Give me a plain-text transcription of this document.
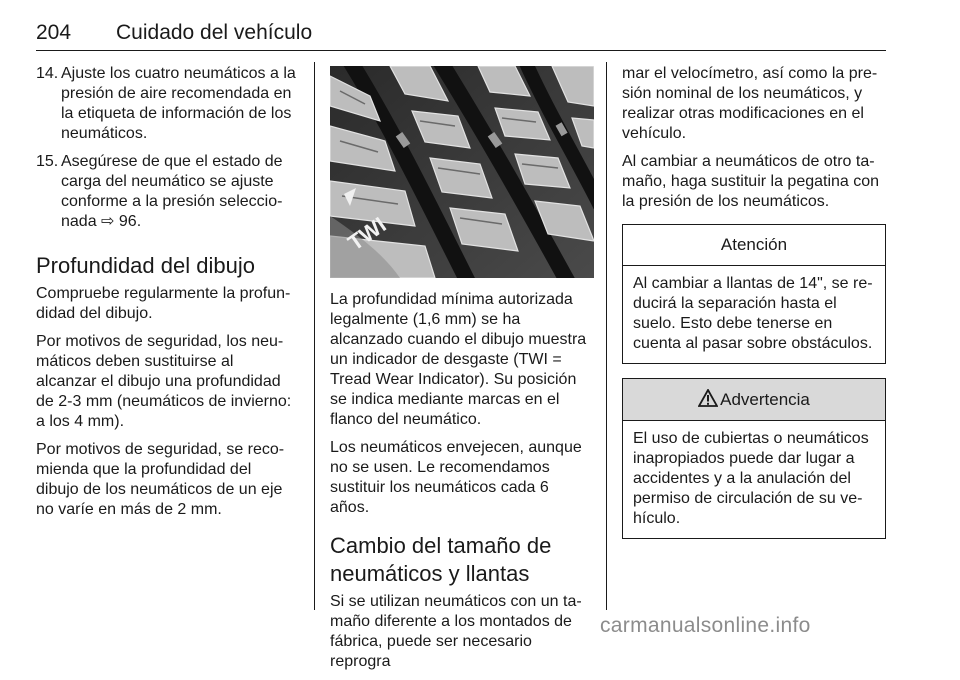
204 Cuidado del vehículo
14. Ajuste los cuatro neumáticos a la presión de aire recomendada en la etiqueta de información de los neumáticos.
15. Asegúrese de que el estado de carga del neumático se ajuste conforme a la presión seleccionada ⇨ 96.
Profundidad del dibujo

Compruebe regularmente la profundidad del dibujo.

Por motivos de seguridad, los neumáticos deben sustituirse al alcanzar el dibujo una profundidad de 2-3 mm (neumáticos de invierno: a los 4 mm).

Por motivos de seguridad, se recomienda que la profundidad del dibujo de los neumáticos de un eje no varíe en más de 2 mm.

TWI

La profundidad mínima autorizada legalmente (1,6 mm) se ha alcanzado cuando el dibujo muestra un indicador de desgaste (TWI = Tread Wear Indicator). Su posición se indica mediante marcas en el flanco del neumático.

Los neumáticos envejecen, aunque no se usen. Le recomendamos sustituir los neumáticos cada 6 años.

Cambio del tamaño de neumáticos y llantas

Si se utilizan neumáticos con un tamaño diferente a los montados de fábrica, puede ser necesario reprogra

mar el velocímetro, así como la presión nominal de los neumáticos, y realizar otras modificaciones en el vehículo.

Al cambiar a neumáticos de otro tamaño, haga sustituir la pegatina con la presión de los neumáticos.

Atención
Al cambiar a llantas de 14", se reducirá la separación hasta el suelo. Esto debe tenerse en cuenta al pasar sobre obstáculos.
Advertencia
El uso de cubiertas o neumáticos inapropiados puede dar lugar a accidentes y a la anulación del permiso de circulación de su vehículo.
carmanualsonline.info
